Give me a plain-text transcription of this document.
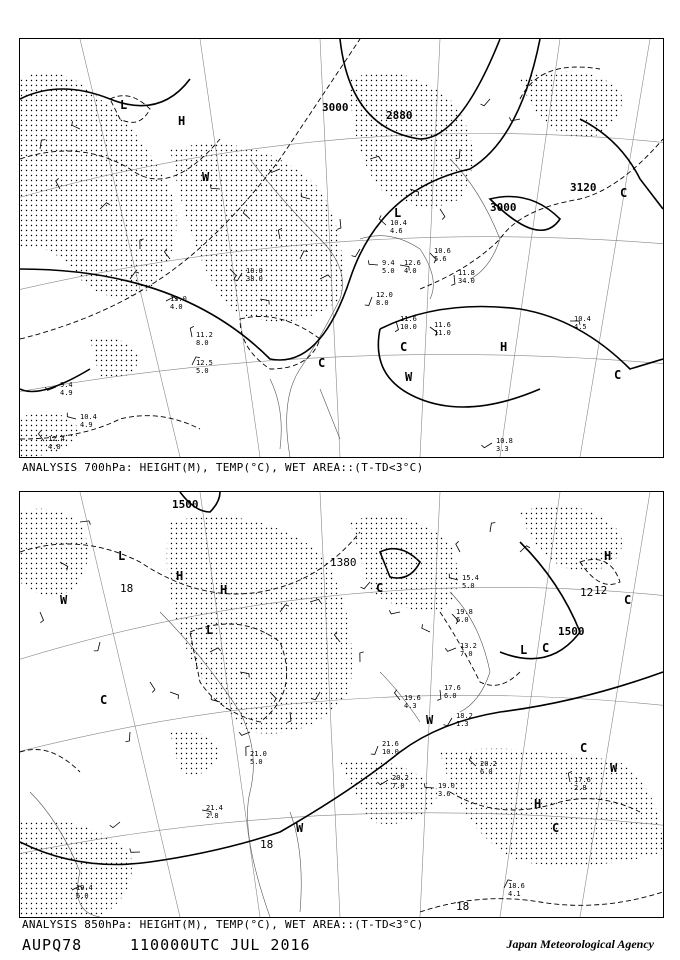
3000
3000
2880
3120
H
L
H
C
C
W
W	C
C
L
10.4
4.5
11.6
11.0
11.6
10.0
12.0
8.0
10.8
3.3
9.4
5.0
10.4
4.6
11.2
8.0
12.5
5.0
13.0
4.0
12.6
4.0
10.6
5.6
11.8
34.0
10.0
38.0
9.4
4.9
10.4
4.9
12.4
4.0
ANALYSIS 700hPa: HEIGHT(M), TEMP(°C), WET AREA::(T-TD<3°C)
1500
1500
1380
18
18
18
12 12
L
H
H
L
H
L
C
C
W
W
W
C
C
W
H
C
C
21.6
10.0
20.2
7.0	19.0
3.6
20.2
6.0
17.6
2.8
18.6
4.1
19.4
6.0
21.4
2.8
19.8
6.0
17.6
6.0
18.2
1.3
13.2
7.0
15.4
5.0
19.6
4.3
21.0
5.0
ANALYSIS 850hPa: HEIGHT(M), TEMP(°C), WET AREA::(T-TD<3°C)
AUPQ78	110000UTC JUL 2016	Japan Meteorological Agency
